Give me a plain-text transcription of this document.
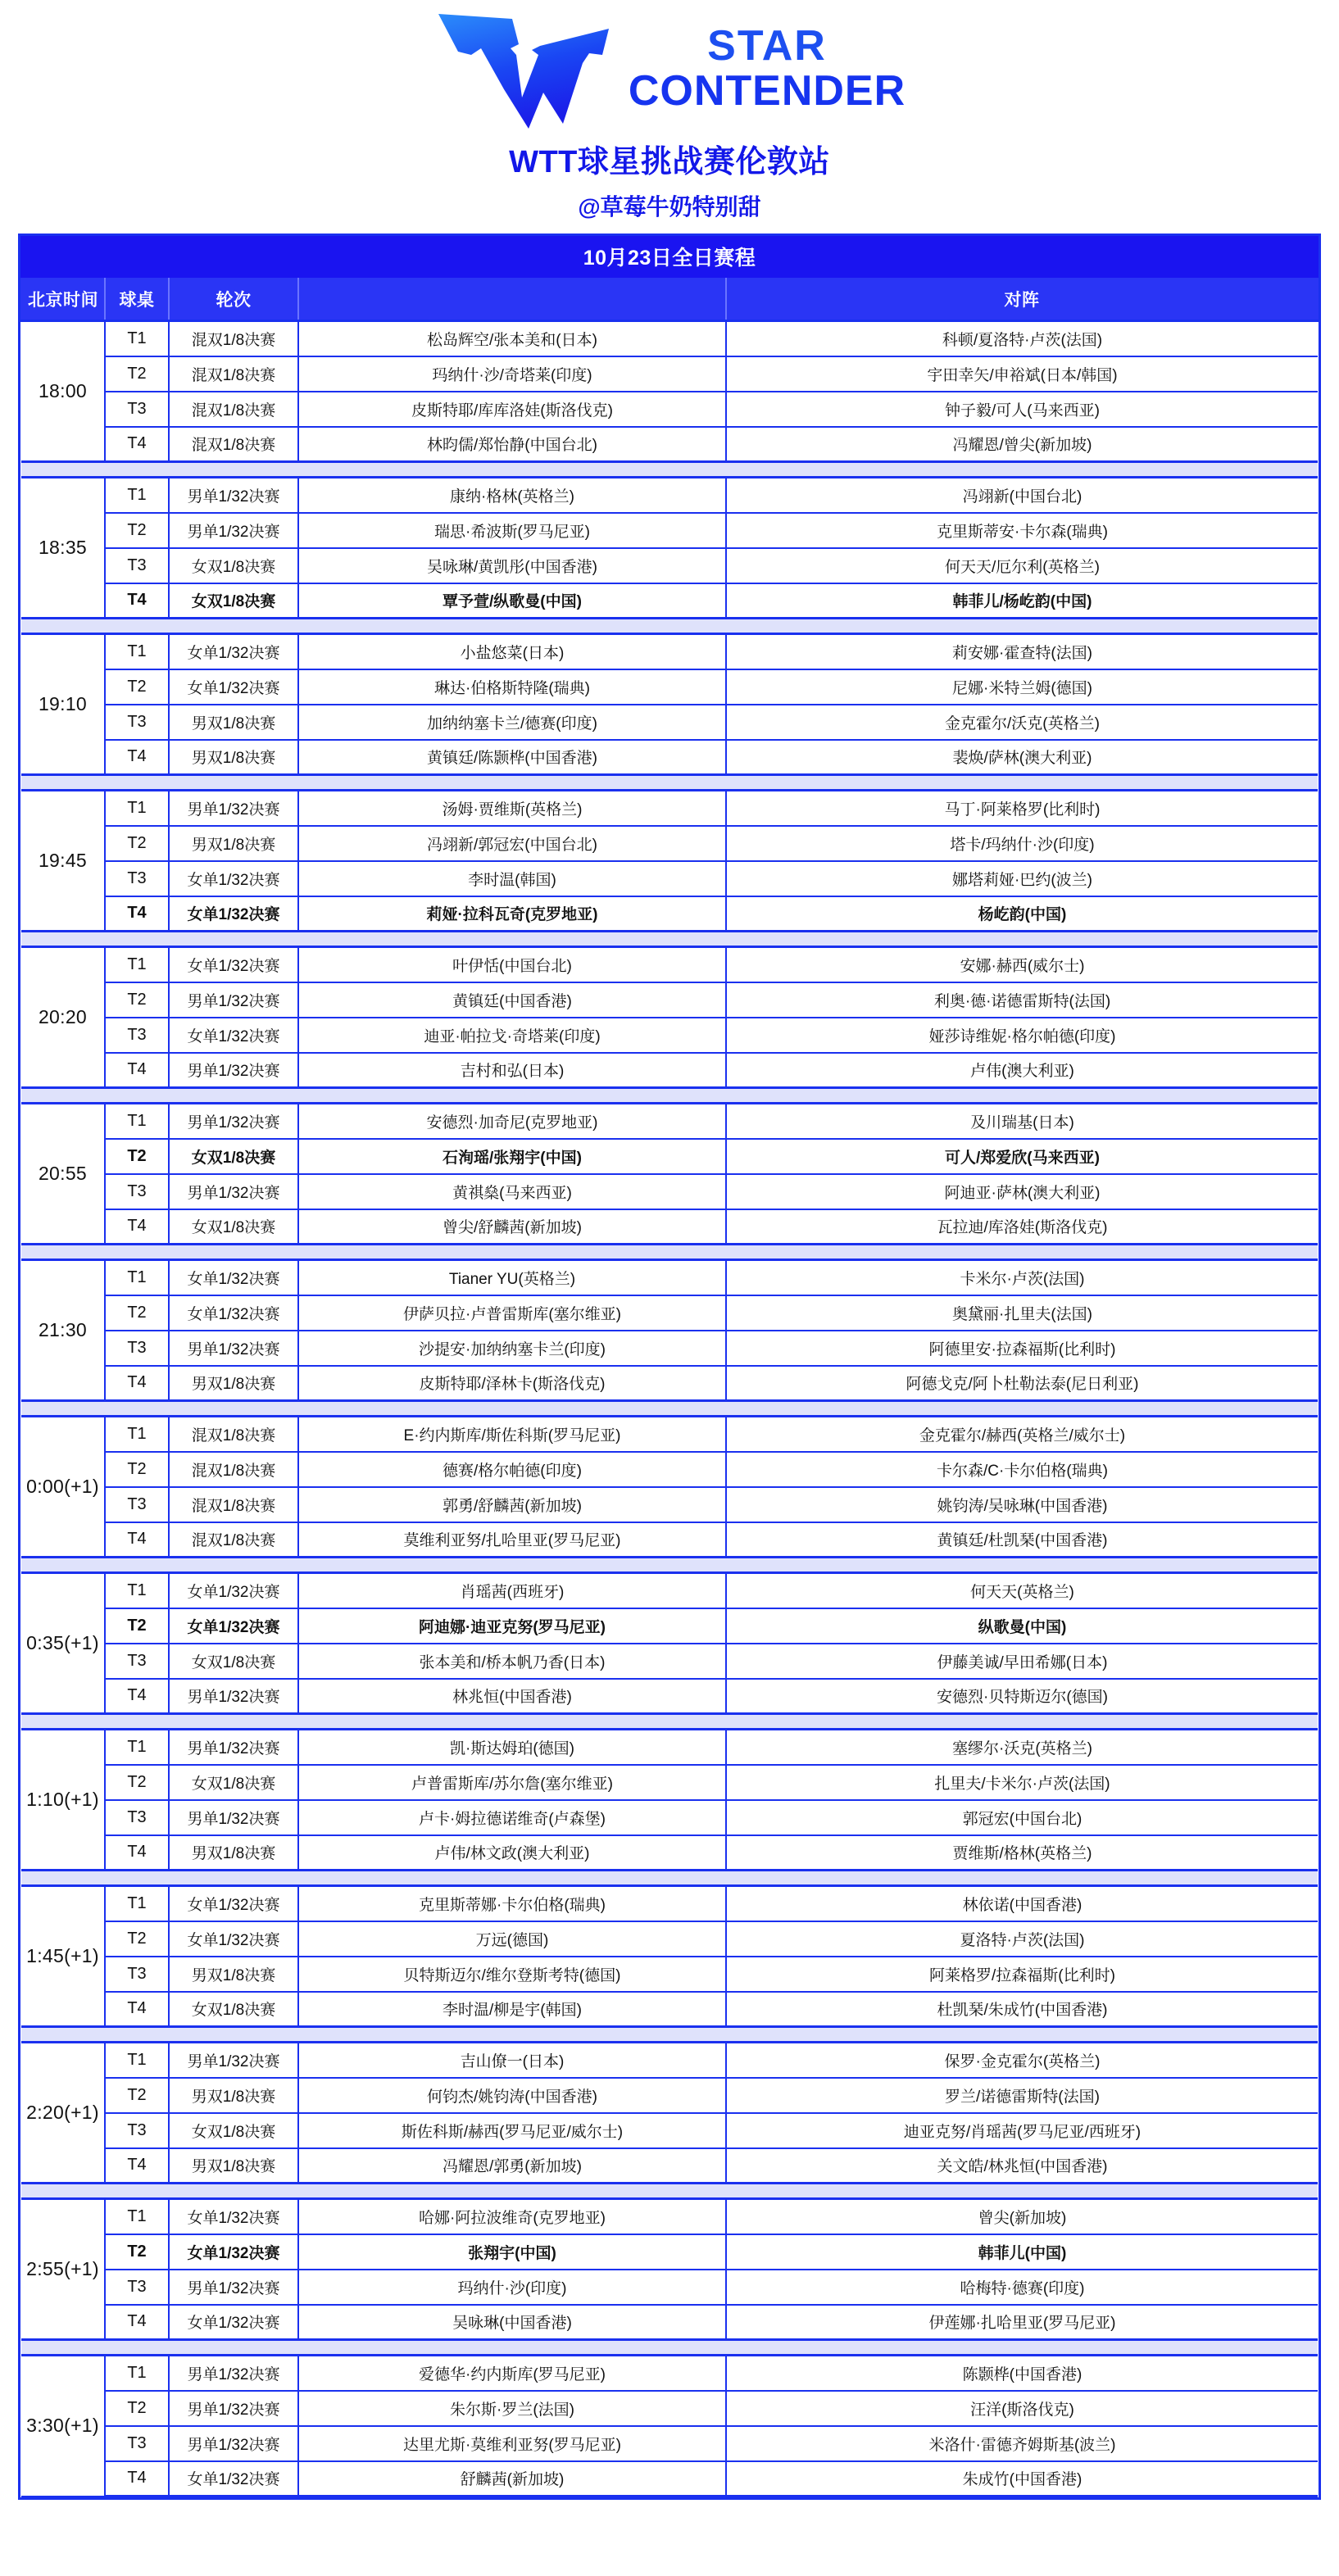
STAR
CONTENDER
WTT球星挑战赛伦敦站
@草莓牛奶特别甜
10月23日全日赛程
北京时间	球桌	轮次		对阵
18:00	T1	混双1/8决赛	松岛辉空/张本美和(日本)	科顿/夏洛特·卢茨(法国)
	T2	混双1/8决赛	玛纳什·沙/奇塔莱(印度)	宇田幸矢/申裕斌(日本/韩国)
	T3	混双1/8决赛	皮斯特耶/库库洛娃(斯洛伐克)	钟子毅/可人(马来西亚)
	T4	混双1/8决赛	林昀儒/郑怡静(中国台北)	冯耀恩/曾尖(新加坡)

18:35	T1	男单1/32决赛	康纳·格林(英格兰)	冯翊新(中国台北)
	T2	男单1/32决赛	瑞思·希波斯(罗马尼亚)	克里斯蒂安·卡尔森(瑞典)
	T3	女双1/8决赛	吴咏琳/黄凯彤(中国香港)	何天天/厄尔利(英格兰)
	T4	女双1/8决赛	覃予萱/纵歌曼(中国)	韩菲儿/杨屹韵(中国)

19:10	T1	女单1/32决赛	小盐悠菜(日本)	莉安娜·霍查特(法国)
	T2	女单1/32决赛	琳达·伯格斯特隆(瑞典)	尼娜·米特兰姆(德国)
	T3	男双1/8决赛	加纳纳塞卡兰/德赛(印度)	金克霍尔/沃克(英格兰)
	T4	男双1/8决赛	黄镇廷/陈颢桦(中国香港)	裴焕/萨林(澳大利亚)

19:45	T1	男单1/32决赛	汤姆·贾维斯(英格兰)	马丁·阿莱格罗(比利时)
	T2	男双1/8决赛	冯翊新/郭冠宏(中国台北)	塔卡/玛纳什·沙(印度)
	T3	女单1/32决赛	李时温(韩国)	娜塔莉娅·巴约(波兰)
	T4	女单1/32决赛	莉娅·拉科瓦奇(克罗地亚)	杨屹韵(中国)

20:20	T1	女单1/32决赛	叶伊恬(中国台北)	安娜·赫西(威尔士)
	T2	男单1/32决赛	黄镇廷(中国香港)	利奥·德·诺德雷斯特(法国)
	T3	女单1/32决赛	迪亚·帕拉戈·奇塔莱(印度)	娅莎诗维妮·格尔帕德(印度)
	T4	男单1/32决赛	吉村和弘(日本)	卢伟(澳大利亚)

20:55	T1	男单1/32决赛	安德烈·加奇尼(克罗地亚)	及川瑞基(日本)
	T2	女双1/8决赛	石洵瑶/张翔宇(中国)	可人/郑爱欣(马来西亚)
	T3	男单1/32决赛	黄祺燊(马来西亚)	阿迪亚·萨林(澳大利亚)
	T4	女双1/8决赛	曾尖/舒麟茜(新加坡)	瓦拉迪/库洛娃(斯洛伐克)

21:30	T1	女单1/32决赛	Tianer YU(英格兰)	卡米尔·卢茨(法国)
	T2	女单1/32决赛	伊萨贝拉·卢普雷斯库(塞尔维亚)	奥黛丽·扎里夫(法国)
	T3	男单1/32决赛	沙提安·加纳纳塞卡兰(印度)	阿德里安·拉森福斯(比利时)
	T4	男双1/8决赛	皮斯特耶/泽林卡(斯洛伐克)	阿德戈克/阿卜杜勒法泰(尼日利亚)

0:00(+1)	T1	混双1/8决赛	E·约内斯库/斯佐科斯(罗马尼亚)	金克霍尔/赫西(英格兰/威尔士)
	T2	混双1/8决赛	德赛/格尔帕德(印度)	卡尔森/C·卡尔伯格(瑞典)
	T3	混双1/8决赛	郭勇/舒麟茜(新加坡)	姚钧涛/吴咏琳(中国香港)
	T4	混双1/8决赛	莫维利亚努/扎哈里亚(罗马尼亚)	黄镇廷/杜凯琹(中国香港)

0:35(+1)	T1	女单1/32决赛	肖瑶茜(西班牙)	何天天(英格兰)
	T2	女单1/32决赛	阿迪娜·迪亚克努(罗马尼亚)	纵歌曼(中国)
	T3	女双1/8决赛	张本美和/桥本帆乃香(日本)	伊藤美诚/早田希娜(日本)
	T4	男单1/32决赛	林兆恒(中国香港)	安德烈·贝特斯迈尔(德国)

1:10(+1)	T1	男单1/32决赛	凯·斯达姆珀(德国)	塞缪尔·沃克(英格兰)
	T2	女双1/8决赛	卢普雷斯库/苏尔詹(塞尔维亚)	扎里夫/卡米尔·卢茨(法国)
	T3	男单1/32决赛	卢卡·姆拉德诺维奇(卢森堡)	郭冠宏(中国台北)
	T4	男双1/8决赛	卢伟/林文政(澳大利亚)	贾维斯/格林(英格兰)

1:45(+1)	T1	女单1/32决赛	克里斯蒂娜·卡尔伯格(瑞典)	林依诺(中国香港)
	T2	女单1/32决赛	万远(德国)	夏洛特·卢茨(法国)
	T3	男双1/8决赛	贝特斯迈尔/维尔登斯考特(德国)	阿莱格罗/拉森福斯(比利时)
	T4	女双1/8决赛	李时温/柳是宇(韩国)	杜凯琹/朱成竹(中国香港)

2:20(+1)	T1	男单1/32决赛	吉山僚一(日本)	保罗·金克霍尔(英格兰)
	T2	男双1/8决赛	何钧杰/姚钧涛(中国香港)	罗兰/诺德雷斯特(法国)
	T3	女双1/8决赛	斯佐科斯/赫西(罗马尼亚/威尔士)	迪亚克努/肖瑶茜(罗马尼亚/西班牙)
	T4	男双1/8决赛	冯耀恩/郭勇(新加坡)	关文皓/林兆恒(中国香港)

2:55(+1)	T1	女单1/32决赛	哈娜·阿拉波维奇(克罗地亚)	曾尖(新加坡)
	T2	女单1/32决赛	张翔宇(中国)	韩菲儿(中国)
	T3	男单1/32决赛	玛纳什·沙(印度)	哈梅特·德赛(印度)
	T4	女单1/32决赛	吴咏琳(中国香港)	伊莲娜·扎哈里亚(罗马尼亚)

3:30(+1)	T1	男单1/32决赛	爱德华·约内斯库(罗马尼亚)	陈颢桦(中国香港)
	T2	男单1/32决赛	朱尔斯·罗兰(法国)	汪洋(斯洛伐克)
	T3	男单1/32决赛	达里尤斯·莫维利亚努(罗马尼亚)	米洛什·雷德齐姆斯基(波兰)
	T4	女单1/32决赛	舒麟茜(新加坡)	朱成竹(中国香港)
